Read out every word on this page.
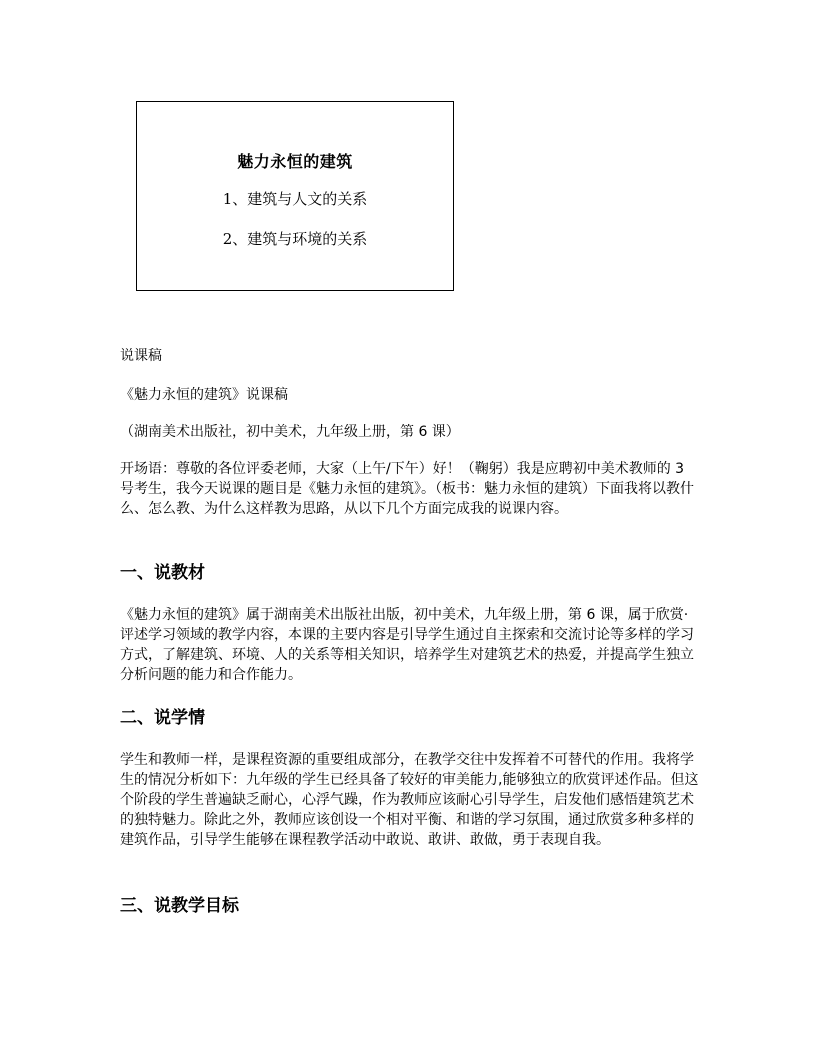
魅力永恒的建筑
1、建筑与人文的关系
2、建筑与环境的关系
说课稿
《魅力永恒的建筑》说课稿
（湖南美术出版社，初中美术，九年级上册，第 6 课）
开场语：尊敬的各位评委老师，大家（上午/下午）好！（鞠躬）我是应聘初中美术教师的 3 号考生，我今天说课的题目是《魅力永恒的建筑》。（板书：魅力永恒的建筑）下面我将以教什么、怎么教、为什么这样教为思路，从以下几个方面完成我的说课内容。
一、说教材
《魅力永恒的建筑》属于湖南美术出版社出版，初中美术，九年级上册，第 6 课，属于欣赏·评述学习领域的教学内容，本课的主要内容是引导学生通过自主探索和交流讨论等多样的学习方式，了解建筑、环境、人的关系等相关知识，培养学生对建筑艺术的热爱，并提高学生独立分析问题的能力和合作能力。
二、说学情
学生和教师一样，是课程资源的重要组成部分，在教学交往中发挥着不可替代的作用。我将学生的情况分析如下：九年级的学生已经具备了较好的审美能力,能够独立的欣赏评述作品。但这个阶段的学生普遍缺乏耐心，心浮气躁，作为教师应该耐心引导学生，启发他们感悟建筑艺术的独特魅力。除此之外，教师应该创设一个相对平衡、和谐的学习氛围，通过欣赏多种多样的建筑作品，引导学生能够在课程教学活动中敢说、敢讲、敢做，勇于表现自我。
三、说教学目标
